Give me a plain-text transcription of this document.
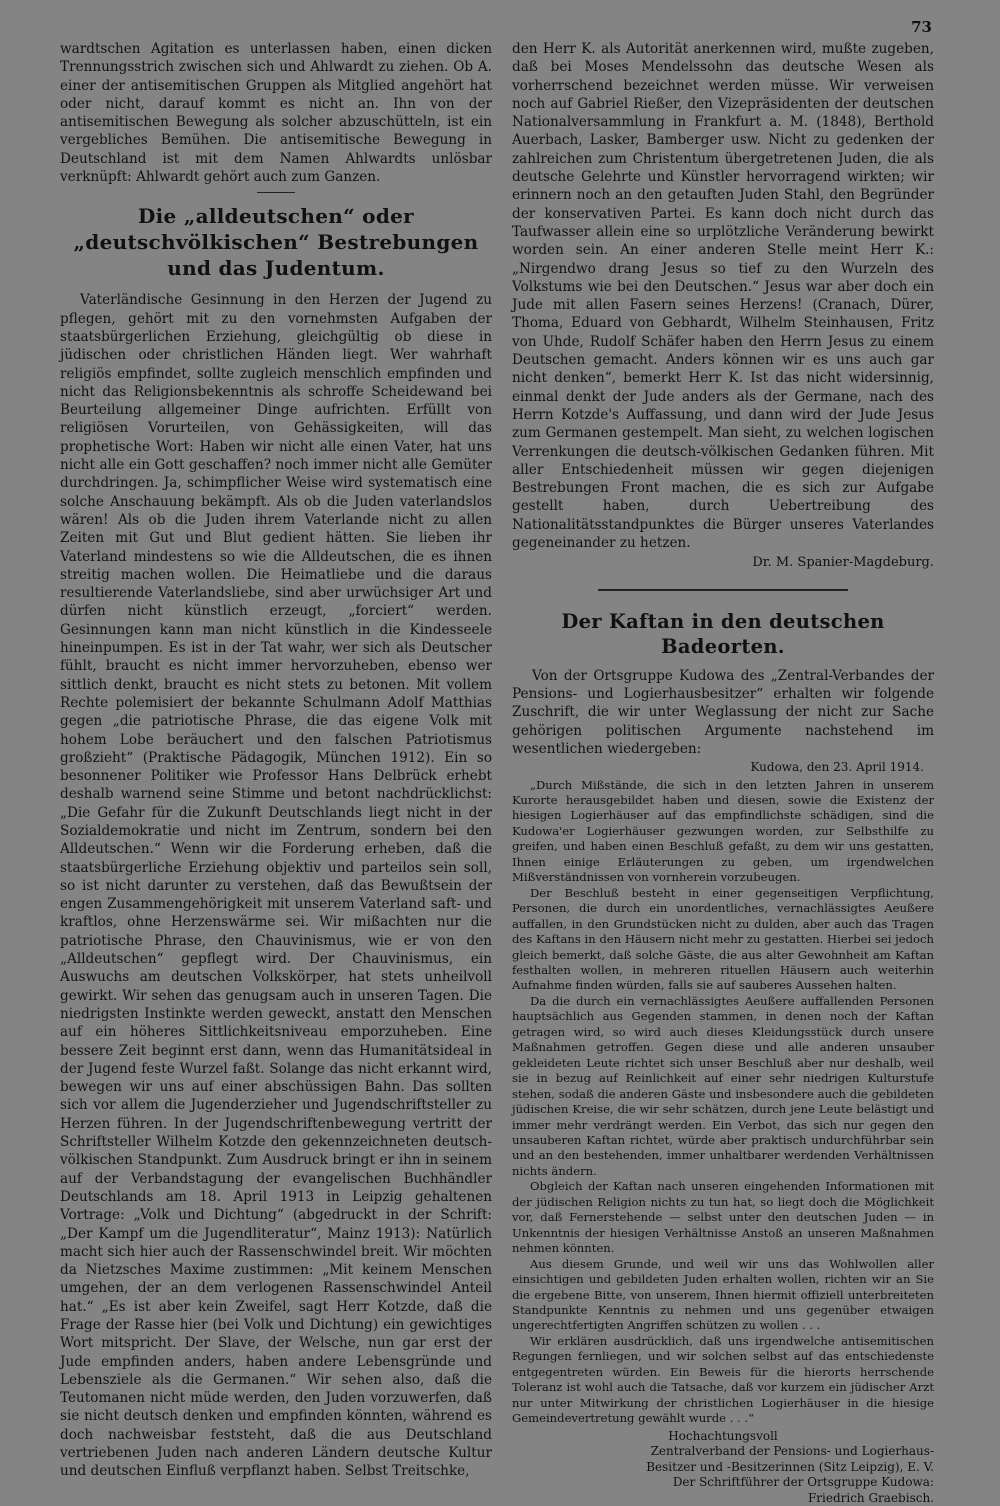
73

wardtschen Agitation es unterlassen haben, einen dicken Trennungsstrich zwischen sich und Ahlwardt zu ziehen. Ob A. einer der antisemitischen Gruppen als Mitglied angehört hat oder nicht, darauf kommt es nicht an. Ihn von der antisemitischen Bewegung als solcher abzuschütteln, ist ein vergebliches Bemühen. Die antisemitische Bewegung in Deutschland ist mit dem Namen Ahlwardts unlösbar verknüpft: Ahlwardt gehört auch zum Ganzen.

Die „alldeutschen“ oder „deutschvölkischen“ Bestrebungen und das Judentum.

Vaterländische Gesinnung in den Herzen der Jugend zu pflegen, gehört mit zu den vornehmsten Aufgaben der staatsbürgerlichen Erziehung, gleichgültig ob diese in jüdischen oder christlichen Händen liegt. Wer wahrhaft religiös empfindet, sollte zugleich menschlich empfinden und nicht das Religionsbekenntnis als schroffe Scheidewand bei Beurteilung allgemeiner Dinge aufrichten. Erfüllt von religiösen Vorurteilen, von Gehässigkeiten, will das prophetische Wort: Haben wir nicht alle einen Vater, hat uns nicht alle ein Gott geschaffen? noch immer nicht alle Gemüter durchdringen. Ja, schimpflicher Weise wird systematisch eine solche Anschauung bekämpft. Als ob die Juden vaterlandslos wären! Als ob die Juden ihrem Vaterlande nicht zu allen Zeiten mit Gut und Blut gedient hätten. Sie lieben ihr Vaterland mindestens so wie die Alldeutschen, die es ihnen streitig machen wollen. Die Heimatliebe und die daraus resultierende Vaterlandsliebe, sind aber urwüchsiger Art und dürfen nicht künstlich erzeugt, „forciert“ werden. Gesinnungen kann man nicht künstlich in die Kindesseele hineinpumpen. Es ist in der Tat wahr, wer sich als Deutscher fühlt, braucht es nicht immer hervorzuheben, ebenso wer sittlich denkt, braucht es nicht stets zu betonen. Mit vollem Rechte polemisiert der bekannte Schulmann Adolf Matthias gegen „die patriotische Phrase, die das eigene Volk mit hohem Lobe beräuchert und den falschen Patriotismus großzieht“ (Praktische Pädagogik, München 1912). Ein so besonnener Politiker wie Professor Hans Delbrück erhebt deshalb warnend seine Stimme und betont nachdrücklichst: „Die Gefahr für die Zukunft Deutschlands liegt nicht in der Sozialdemokratie und nicht im Zentrum, sondern bei den Alldeutschen.“ Wenn wir die Forderung erheben, daß die staatsbürgerliche Erziehung objektiv und parteilos sein soll, so ist nicht darunter zu verstehen, daß das Bewußtsein der engen Zusammengehörigkeit mit unserem Vaterland saft- und kraftlos, ohne Herzenswärme sei. Wir mißachten nur die patriotische Phrase, den Chauvinismus, wie er von den „Alldeutschen“ gepflegt wird. Der Chauvinismus, ein Auswuchs am deutschen Volkskörper, hat stets unheilvoll gewirkt. Wir sehen das genugsam auch in unseren Tagen. Die niedrigsten Instinkte werden geweckt, anstatt den Menschen auf ein höheres Sittlichkeitsniveau emporzuheben. Eine bessere Zeit beginnt erst dann, wenn das Humanitätsideal in der Jugend feste Wurzel faßt. Solange das nicht erkannt wird, bewegen wir uns auf einer abschüssigen Bahn. Das sollten sich vor allem die Jugenderzieher und Jugendschriftsteller zu Herzen führen. In der Jugendschriftenbewegung vertritt der Schriftsteller Wilhelm Kotzde den gekennzeichneten deutsch-völkischen Standpunkt. Zum Ausdruck bringt er ihn in seinem auf der Verbandstagung der evangelischen Buchhändler Deutschlands am 18. April 1913 in Leipzig gehaltenen Vortrage: „Volk und Dichtung“ (abgedruckt in der Schrift: „Der Kampf um die Jugendliteratur“, Mainz 1913): Natürlich macht sich hier auch der Rassenschwindel breit. Wir möchten da Nietzsches Maxime zustimmen: „Mit keinem Menschen umgehen, der an dem verlogenen Rassenschwindel Anteil hat.“ „Es ist aber kein Zweifel, sagt Herr Kotzde, daß die Frage der Rasse hier (bei Volk und Dichtung) ein gewichtiges Wort mitspricht. Der Slave, der Welsche, nun gar erst der Jude empfinden anders, haben andere Lebensgründe und Lebensziele als die Germanen.“ Wir sehen also, daß die Teutomanen nicht müde werden, den Juden vorzuwerfen, daß sie nicht deutsch denken und empfinden könnten, während es doch nachweisbar feststeht, daß die aus Deutschland vertriebenen Juden nach anderen Ländern deutsche Kultur und deutschen Einfluß verpflanzt haben. Selbst Treitschke,

den Herr K. als Autorität anerkennen wird, mußte zugeben, daß bei Moses Mendelssohn das deutsche Wesen als vorherrschend bezeichnet werden müsse. Wir verweisen noch auf Gabriel Rießer, den Vizepräsidenten der deutschen Nationalversammlung in Frankfurt a. M. (1848), Berthold Auerbach, Lasker, Bamberger usw. Nicht zu gedenken der zahlreichen zum Christentum übergetretenen Juden, die als deutsche Gelehrte und Künstler hervorragend wirkten; wir erinnern noch an den getauften Juden Stahl, den Begründer der konservativen Partei. Es kann doch nicht durch das Taufwasser allein eine so urplötzliche Veränderung bewirkt worden sein. An einer anderen Stelle meint Herr K.: „Nirgendwo drang Jesus so tief zu den Wurzeln des Volkstums wie bei den Deutschen.“ Jesus war aber doch ein Jude mit allen Fasern seines Herzens! (Cranach, Dürer, Thoma, Eduard von Gebhardt, Wilhelm Steinhausen, Fritz von Uhde, Rudolf Schäfer haben den Herrn Jesus zu einem Deutschen gemacht. Anders können wir es uns auch gar nicht denken“, bemerkt Herr K. Ist das nicht widersinnig, einmal denkt der Jude anders als der Germane, nach des Herrn Kotzde's Auffassung, und dann wird der Jude Jesus zum Germanen gestempelt. Man sieht, zu welchen logischen Verrenkungen die deutsch-völkischen Gedanken führen. Mit aller Entschiedenheit müssen wir gegen diejenigen Bestrebungen Front machen, die es sich zur Aufgabe gestellt haben, durch Uebertreibung des Nationalitätsstandpunktes die Bürger unseres Vaterlandes gegeneinander zu hetzen.

Dr. M. Spanier-Magdeburg.
Der Kaftan in den deutschen Badeorten.

Von der Ortsgruppe Kudowa des „Zentral-Verbandes der Pensions- und Logierhausbesitzer“ erhalten wir folgende Zuschrift, die wir unter Weglassung der nicht zur Sache gehörigen politischen Argumente nachstehend im wesentlichen wiedergeben:

Kudowa, den 23. April 1914.

„Durch Mißstände, die sich in den letzten Jahren in unserem Kurorte herausgebildet haben und diesen, sowie die Existenz der hiesigen Logierhäuser auf das empfindlichste schädigen, sind die Kudowa'er Logierhäuser gezwungen worden, zur Selbsthilfe zu greifen, und haben einen Beschluß gefaßt, zu dem wir uns gestatten, Ihnen einige Erläuterungen zu geben, um irgendwelchen Mißverständnissen von vornherein vorzubeugen.

Der Beschluß besteht in einer gegenseitigen Verpflichtung, Personen, die durch ein unordentliches, vernachlässigtes Aeußere auffallen, in den Grundstücken nicht zu dulden, aber auch das Tragen des Kaftans in den Häusern nicht mehr zu gestatten. Hierbei sei jedoch gleich bemerkt, daß solche Gäste, die aus alter Gewohnheit am Kaftan festhalten wollen, in mehreren rituellen Häusern auch weiterhin Aufnahme finden würden, falls sie auf sauberes Aussehen halten.

Da die durch ein vernachlässigtes Aeußere auffallenden Personen hauptsächlich aus Gegenden stammen, in denen noch der Kaftan getragen wird, so wird auch dieses Kleidungsstück durch unsere Maßnahmen getroffen. Gegen diese und alle anderen unsauber gekleideten Leute richtet sich unser Beschluß aber nur deshalb, weil sie in bezug auf Reinlichkeit auf einer sehr niedrigen Kulturstufe stehen, sodaß die anderen Gäste und insbesondere auch die gebildeten jüdischen Kreise, die wir sehr schätzen, durch jene Leute belästigt und immer mehr verdrängt werden. Ein Verbot, das sich nur gegen den unsauberen Kaftan richtet, würde aber praktisch undurchführbar sein und an den bestehenden, immer unhaltbarer werdenden Verhältnissen nichts ändern.

Obgleich der Kaftan nach unseren eingehenden Informationen mit der jüdischen Religion nichts zu tun hat, so liegt doch die Möglichkeit vor, daß Fernerstehende — selbst unter den deutschen Juden — in Unkenntnis der hiesigen Verhältnisse Anstoß an unseren Maßnahmen nehmen könnten.

Aus diesem Grunde, und weil wir uns das Wohlwollen aller einsichtigen und gebildeten Juden erhalten wollen, richten wir an Sie die ergebene Bitte, von unserem, Ihnen hiermit offiziell unterbreiteten Standpunkte Kenntnis zu nehmen und uns gegenüber etwaigen ungerechtfertigten Angriffen schützen zu wollen . . .

Wir erklären ausdrücklich, daß uns irgendwelche antisemitischen Regungen fernliegen, und wir solchen selbst auf das entschiedenste entgegentreten würden. Ein Beweis für die hierorts herrschende Toleranz ist wohl auch die Tatsache, daß vor kurzem ein jüdischer Arzt nur unter Mitwirkung der christlichen Logierhäuser in die hiesige Gemeindevertretung gewählt wurde . . .“

Hochachtungsvoll
Zentralverband der Pensions- und Logierhaus-
Besitzer und -Besitzerinnen (Sitz Leipzig), E. V.
Der Schriftführer der Ortsgruppe Kudowa:
Friedrich Graebisch.
